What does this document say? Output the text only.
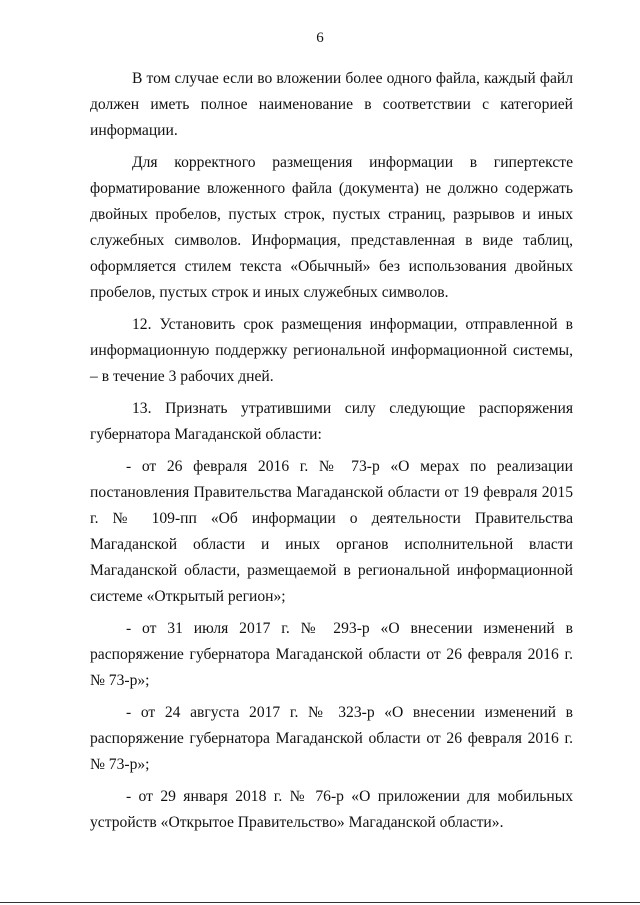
6

В том случае если во вложении более одного файла, каждый файл должен иметь полное наименование в соответствии с категорией информации.

Для корректного размещения информации в гипертексте форматирование вложенного файла (документа) не должно содержать двойных пробелов, пустых строк, пустых страниц, разрывов и иных служебных символов. Информация, представленная в виде таблиц, оформляется стилем текста «Обычный» без использования двойных пробелов, пустых строк и иных служебных символов.

12. Установить срок размещения информации, отправленной в информационную поддержку региональной информационной системы, – в течение 3 рабочих дней.

13. Признать утратившими силу следующие распоряжения губернатора Магаданской области:

- от 26 февраля 2016 г. № 73-р «О мерах по реализации постановления Правительства Магаданской области от 19 февраля 2015 г. № 109-пп «Об информации о деятельности Правительства Магаданской области и иных органов исполнительной власти Магаданской области, размещаемой в региональной информационной системе «Открытый регион»;

- от 31 июля 2017 г. № 293-р «О внесении изменений в распоряжение губернатора Магаданской области от 26 февраля 2016 г. № 73-р»;

- от 24 августа 2017 г. № 323-р «О внесении изменений в распоряжение губернатора Магаданской области от 26 февраля 2016 г. № 73-р»;

- от 29 января 2018 г. № 76-р «О приложении для мобильных устройств «Открытое Правительство» Магаданской области».
